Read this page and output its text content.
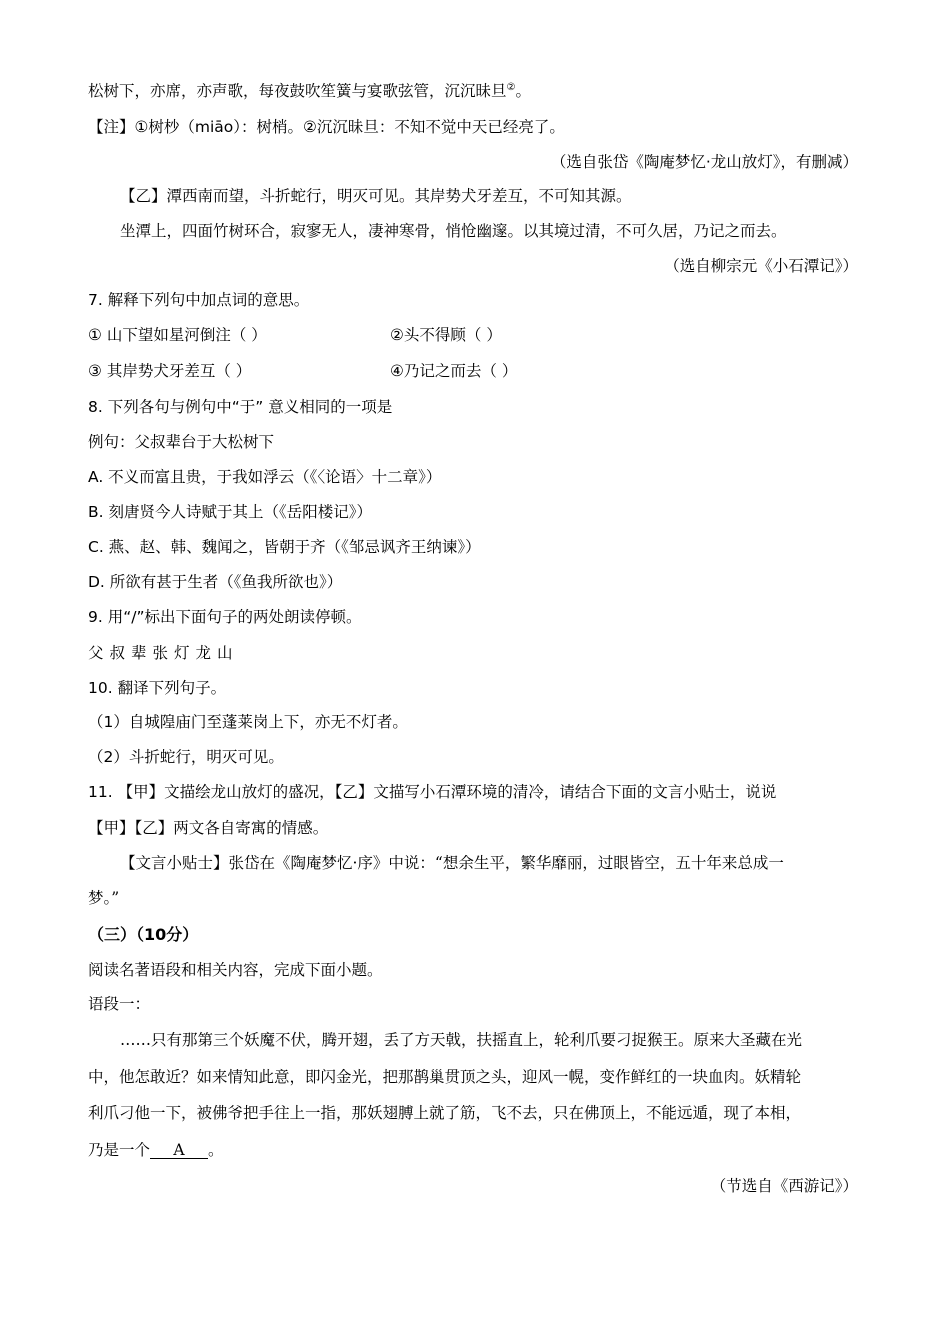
松树下，亦席，亦声歌，每夜鼓吹笙簧与宴歌弦管，沉沉昧旦②。
【注】①树杪（miāo）：树梢。②沉沉昧旦：不知不觉中天已经亮了。
（选自张岱《陶庵梦忆·龙山放灯》，有删减）
【乙】潭西南而望，斗折蛇行，明灭可见。其岸势犬牙差互，不可知其源。
坐潭上，四面竹树环合，寂寥无人，凄神寒骨，悄怆幽邃。以其境过清，不可久居，乃记之而去。
（选自柳宗元《小石潭记》）
7. 解释下列句中加点词的意思。
① 山下望如星河倒注（ ）	②头不得顾（ ）
③ 其岸势犬牙差互（ ）	④乃记之而去（ ）
8. 下列各句与例句中“于” 意义相同的一项是
例句：父叔辈台于大松树下
A. 不义而富且贵，于我如浮云（《〈论语〉十二章》）
B. 刻唐贤今人诗赋于其上（《岳阳楼记》）
C. 燕、赵、韩、魏闻之，皆朝于齐（《邹忌讽齐王纳谏》）
D. 所欲有甚于生者（《鱼我所欲也》）
9. 用“/”标出下面句子的两处朗读停顿。
父叔辈张灯龙山
10. 翻译下列句子。
（1）自城隍庙门至蓬莱岗上下，亦无不灯者。
（2）斗折蛇行，明灭可见。
11. 【甲】文描绘龙山放灯的盛况，【乙】文描写小石潭环境的清冷，请结合下面的文言小贴士，说说
【甲】【乙】两文各自寄寓的情感。
【文言小贴士】张岱在《陶庵梦忆·序》中说：“想余生平，繁华靡丽，过眼皆空，五十年来总成一
梦。”
（三）（10分）
阅读名著语段和相关内容，完成下面小题。
语段一：
……只有那第三个妖魔不伏，腾开翅，丢了方天戟，扶摇直上，轮利爪要刁捉猴王。原来大圣藏在光
中，他怎敢近？如来情知此意，即闪金光，把那鹊巢贯顶之头，迎风一幌，变作鲜红的一块血肉。妖精轮
利爪刁他一下，被佛爷把手往上一指，那妖翅膊上就了筋，飞不去，只在佛顶上，不能远遁，现了本相，
乃是一个 A 。
（节选自《西游记》）
